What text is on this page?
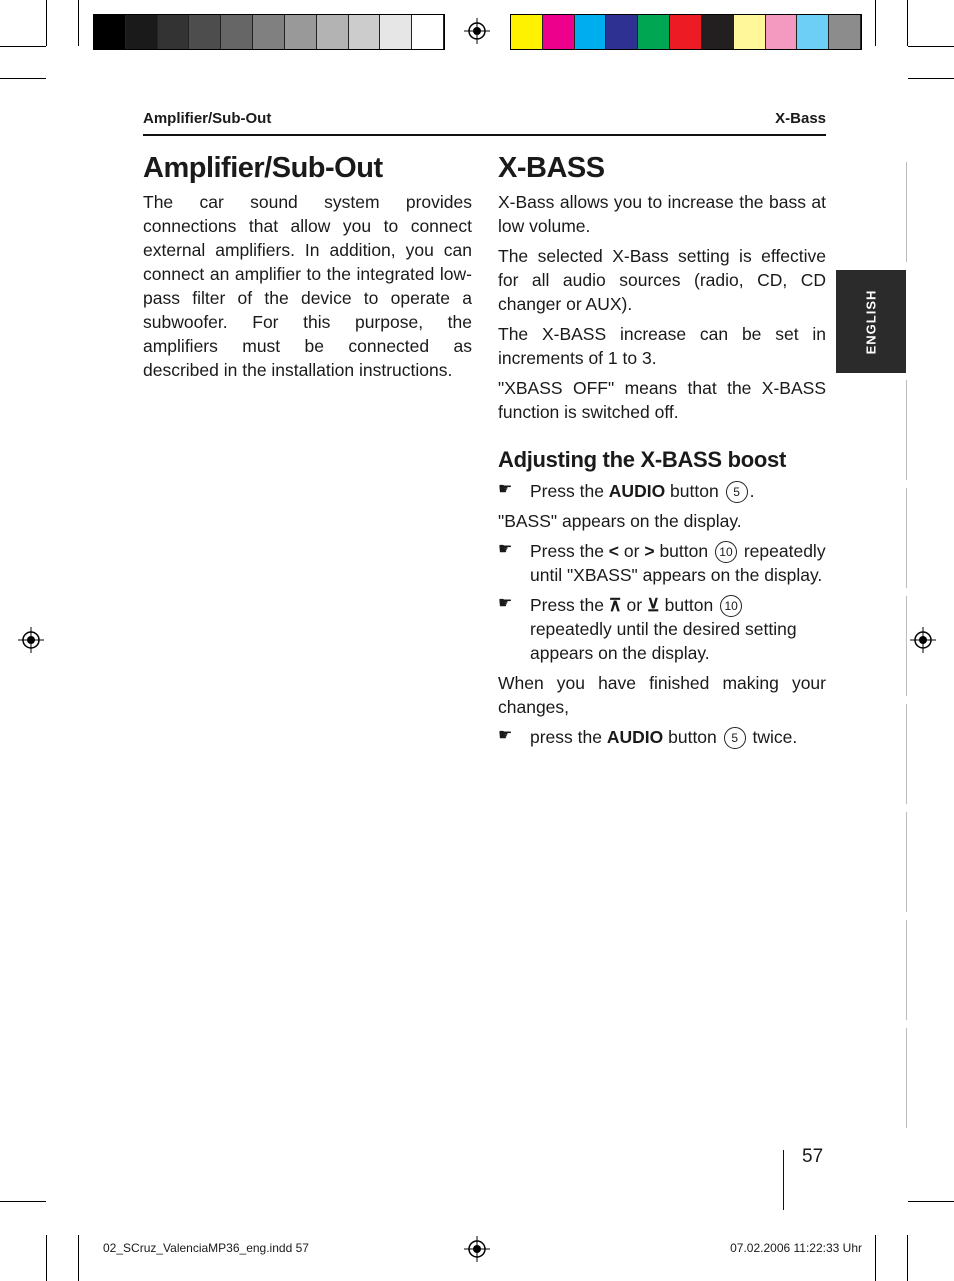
Amplifier/Sub-Out	X-Bass
Amplifier/Sub-Out
The car sound system provides connections that allow you to connect external amplifiers. In addition, you can connect an amplifier to the integrated low-pass filter of the device to operate a subwoofer. For this purpose, the amplifiers must be connected as described in the installation instructions.
X-BASS
X-Bass allows you to increase the bass at low volume.
The selected X-Bass setting is effective for all audio sources (radio, CD, CD changer or AUX).
The X-BASS increase can be set in increments of 1 to 3.
"XBASS OFF" means that the X-BASS function is switched off.
Adjusting the X-BASS boost
☛ Press the AUDIO button 5 .
"BASS" appears on the display.
☛ Press the < or > button 10 repeatedly until "XBASS" appears on the display.
☛ Press the ⊼ or ⊻ button 10 repeatedly until the desired setting appears on the display.
When you have finished making your changes,
☛ press the AUDIO button 5 twice.
ENGLISH
57
02_SCruz_ValenciaMP36_eng.indd 57	07.02.2006 11:22:33 Uhr
